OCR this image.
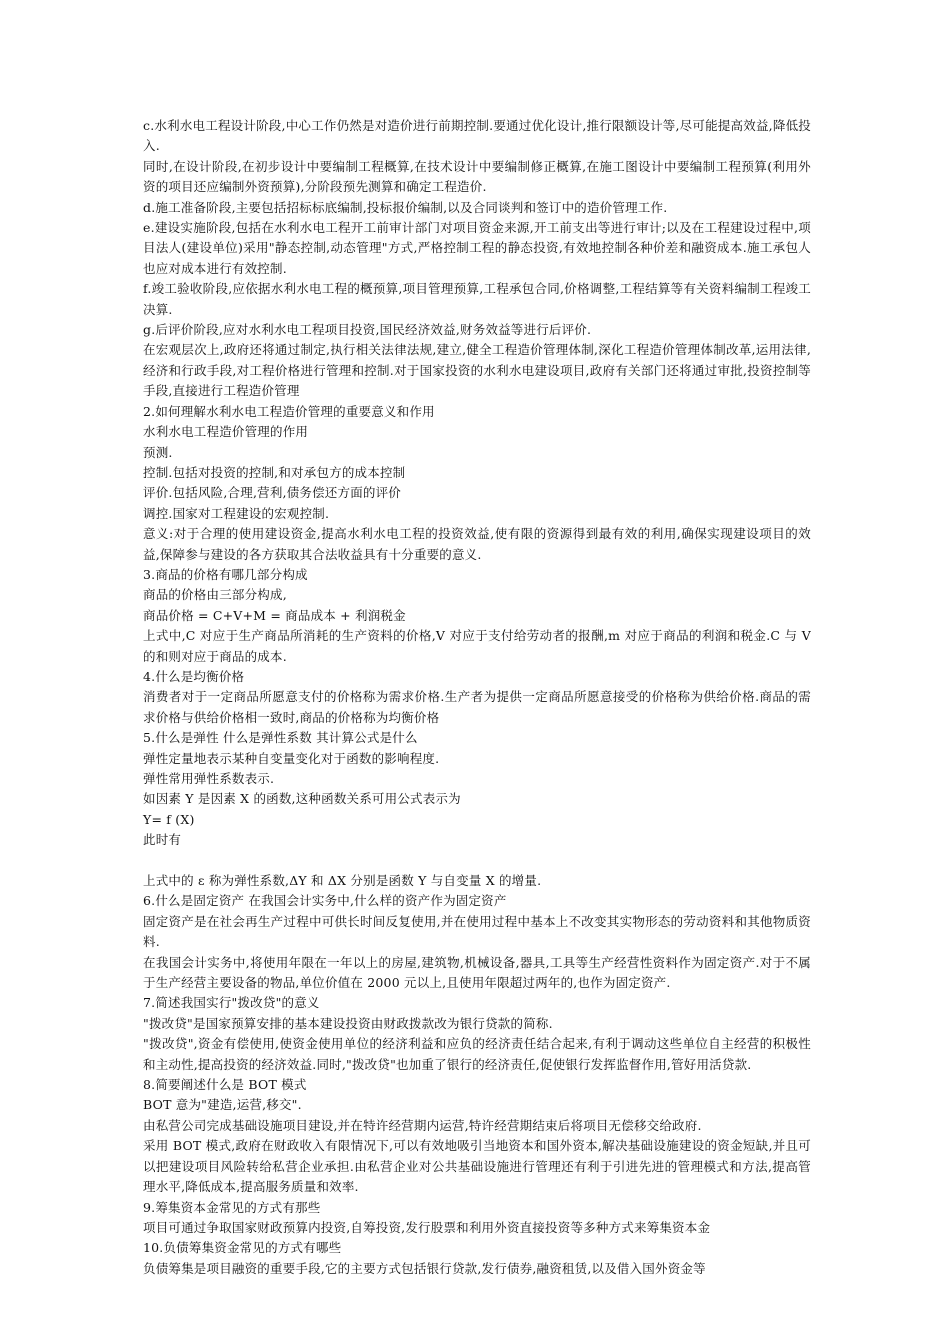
c.水利水电工程设计阶段,中心工作仍然是对造价进行前期控制.要通过优化设计,推行限额设计等,尽可能提高效益,降低投入.

同时,在设计阶段,在初步设计中要编制工程概算,在技术设计中要编制修正概算,在施工图设计中要编制工程预算(利用外资的项目还应编制外资预算),分阶段预先测算和确定工程造价.

d.施工准备阶段,主要包括招标标底编制,投标报价编制,以及合同谈判和签订中的造价管理工作.

e.建设实施阶段,包括在水利水电工程开工前审计部门对项目资金来源,开工前支出等进行审计;以及在工程建设过程中,项目法人(建设单位)采用"静态控制,动态管理"方式,严格控制工程的静态投资,有效地控制各种价差和融资成本.施工承包人也应对成本进行有效控制.

f.竣工验收阶段,应依据水利水电工程的概预算,项目管理预算,工程承包合同,价格调整,工程结算等有关资料编制工程竣工决算.

g.后评价阶段,应对水利水电工程项目投资,国民经济效益,财务效益等进行后评价.

在宏观层次上,政府还将通过制定,执行相关法律法规,建立,健全工程造价管理体制,深化工程造价管理体制改革,运用法律,经济和行政手段,对工程价格进行管理和控制.对于国家投资的水利水电建设项目,政府有关部门还将通过审批,投资控制等手段,直接进行工程造价管理

2.如何理解水利水电工程造价管理的重要意义和作用

水利水电工程造价管理的作用

预测.

控制.包括对投资的控制,和对承包方的成本控制

评价.包括风险,合理,营利,债务偿还方面的评价

调控.国家对工程建设的宏观控制.

意义:对于合理的使用建设资金,提高水利水电工程的投资效益,使有限的资源得到最有效的利用,确保实现建设项目的效益,保障参与建设的各方获取其合法收益具有十分重要的意义.

3.商品的价格有哪几部分构成

商品的价格由三部分构成,

商品价格 = C+V+M = 商品成本 + 利润税金

上式中,C 对应于生产商品所消耗的生产资料的价格,V 对应于支付给劳动者的报酬,m 对应于商品的利润和税金.C 与 V 的和则对应于商品的成本.

4.什么是均衡价格

消费者对于一定商品所愿意支付的价格称为需求价格.生产者为提供一定商品所愿意接受的价格称为供给价格.商品的需求价格与供给价格相一致时,商品的价格称为均衡价格

5.什么是弹性 什么是弹性系数 其计算公式是什么

弹性定量地表示某种自变量变化对于函数的影响程度.

弹性常用弹性系数表示.

如因素 Y 是因素 X 的函数,这种函数关系可用公式表示为

Y= f (X)

此时有

上式中的 ε 称为弹性系数,ΔY 和 ΔX 分别是函数 Y 与自变量 X 的增量.

6.什么是固定资产 在我国会计实务中,什么样的资产作为固定资产

固定资产是在社会再生产过程中可供长时间反复使用,并在使用过程中基本上不改变其实物形态的劳动资料和其他物质资料.

在我国会计实务中,将使用年限在一年以上的房屋,建筑物,机械设备,器具,工具等生产经营性资料作为固定资产.对于不属于生产经营主要设备的物品,单位价值在 2000 元以上,且使用年限超过两年的,也作为固定资产.

7.简述我国实行"拨改贷"的意义

"拨改贷"是国家预算安排的基本建设投资由财政拨款改为银行贷款的简称.

"拨改贷",资金有偿使用,使资金使用单位的经济利益和应负的经济责任结合起来,有利于调动这些单位自主经营的积极性和主动性,提高投资的经济效益.同时,"拨改贷"也加重了银行的经济责任,促使银行发挥监督作用,管好用活贷款.

8.简要阐述什么是 BOT 模式

BOT 意为"建造,运营,移交".

由私营公司完成基础设施项目建设,并在特许经营期内运营,特许经营期结束后将项目无偿移交给政府.

采用 BOT 模式,政府在财政收入有限情况下,可以有效地吸引当地资本和国外资本,解决基础设施建设的资金短缺,并且可以把建设项目风险转给私营企业承担.由私营企业对公共基础设施进行管理还有利于引进先进的管理模式和方法,提高管理水平,降低成本,提高服务质量和效率.

9.筹集资本金常见的方式有那些

项目可通过争取国家财政预算内投资,自筹投资,发行股票和利用外资直接投资等多种方式来筹集资本金

10.负债筹集资金常见的方式有哪些

负债筹集是项目融资的重要手段,它的主要方式包括银行贷款,发行债券,融资租赁,以及借入国外资金等
